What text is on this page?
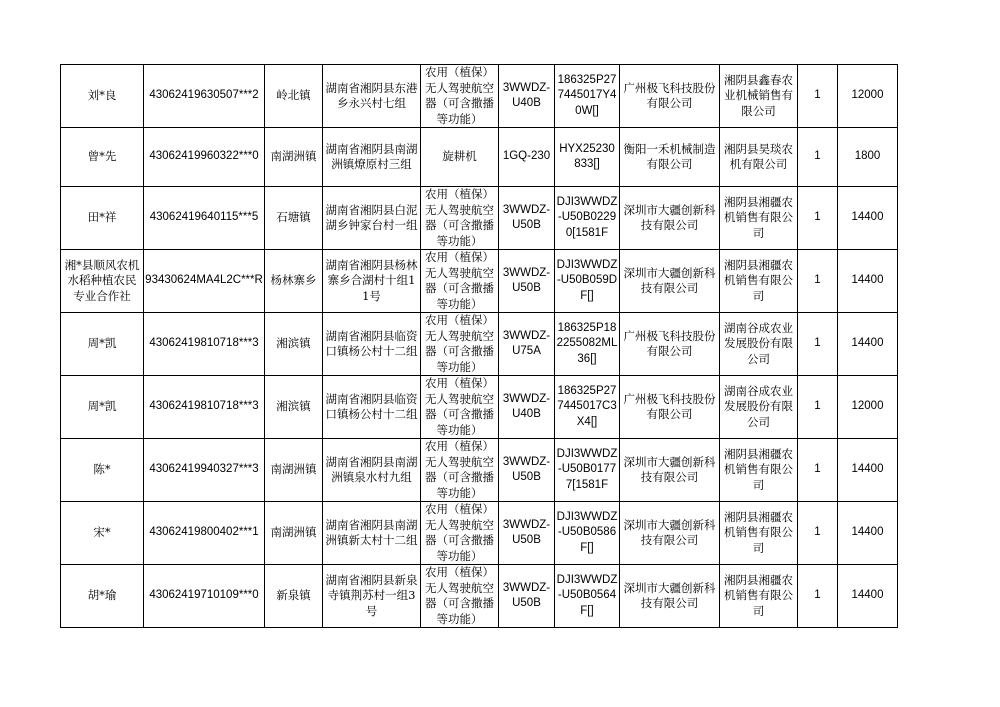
刘*良	43062419630507***2	岭北镇	湖南省湘阴县东港乡永兴村七组	农用（植保）无人驾驶航空器（可含撒播等功能）	3WWDZ-U40B	186325P277445017Y40W[]	广州极飞科技股份有限公司	湘阴县鑫春农业机械销售有限公司	1	12000
曾*先	43062419960322***0	南湖洲镇	湖南省湘阴县南湖洲镇燎原村三组	旋耕机	1GQ-230	HYX25230833[]	衡阳一禾机械制造有限公司	湘阴县昊琰农机有限公司	1	1800
田*祥	43062419640115***5	石塘镇	湖南省湘阴县白泥湖乡钟家台村一组	农用（植保）无人驾驶航空器（可含撒播等功能）	3WWDZ-U50B	DJI3WWDZ-U50B02290[1581F	深圳市大疆创新科技有限公司	湘阴县湘疆农机销售有限公司	1	14400
湘*县顺风农机水稻种植农民专业合作社	93430624MA4L2C***R	杨林寨乡	湖南省湘阴县杨林寨乡合湖村十组11号	农用（植保）无人驾驶航空器（可含撒播等功能）	3WWDZ-U50B	DJI3WWDZ-U50B059DF[]	深圳市大疆创新科技有限公司	湘阴县湘疆农机销售有限公司	1	14400
周*凯	43062419810718***3	湘滨镇	湖南省湘阴县临资口镇杨公村十二组	农用（植保）无人驾驶航空器（可含撒播等功能）	3WWDZ-U75A	186325P182255082ML36[]	广州极飞科技股份有限公司	湖南谷成农业发展股份有限公司	1	14400
周*凯	43062419810718***3	湘滨镇	湖南省湘阴县临资口镇杨公村十二组	农用（植保）无人驾驶航空器（可含撒播等功能）	3WWDZ-U40B	186325P277445017C3X4[]	广州极飞科技股份有限公司	湖南谷成农业发展股份有限公司	1	12000
陈*	43062419940327***3	南湖洲镇	湖南省湘阴县南湖洲镇泉水村九组	农用（植保）无人驾驶航空器（可含撒播等功能）	3WWDZ-U50B	DJI3WWDZ-U50B01777[1581F	深圳市大疆创新科技有限公司	湘阴县湘疆农机销售有限公司	1	14400
宋*	43062419800402***1	南湖洲镇	湖南省湘阴县南湖洲镇新太村十二组	农用（植保）无人驾驶航空器（可含撒播等功能）	3WWDZ-U50B	DJI3WWDZ-U50B0586F[]	深圳市大疆创新科技有限公司	湘阴县湘疆农机销售有限公司	1	14400
胡*瑜	43062419710109***0	新泉镇	湖南省湘阴县新泉寺镇荆苏村一组3号	农用（植保）无人驾驶航空器（可含撒播等功能）	3WWDZ-U50B	DJI3WWDZ-U50B0564F[]	深圳市大疆创新科技有限公司	湘阴县湘疆农机销售有限公司	1	14400
